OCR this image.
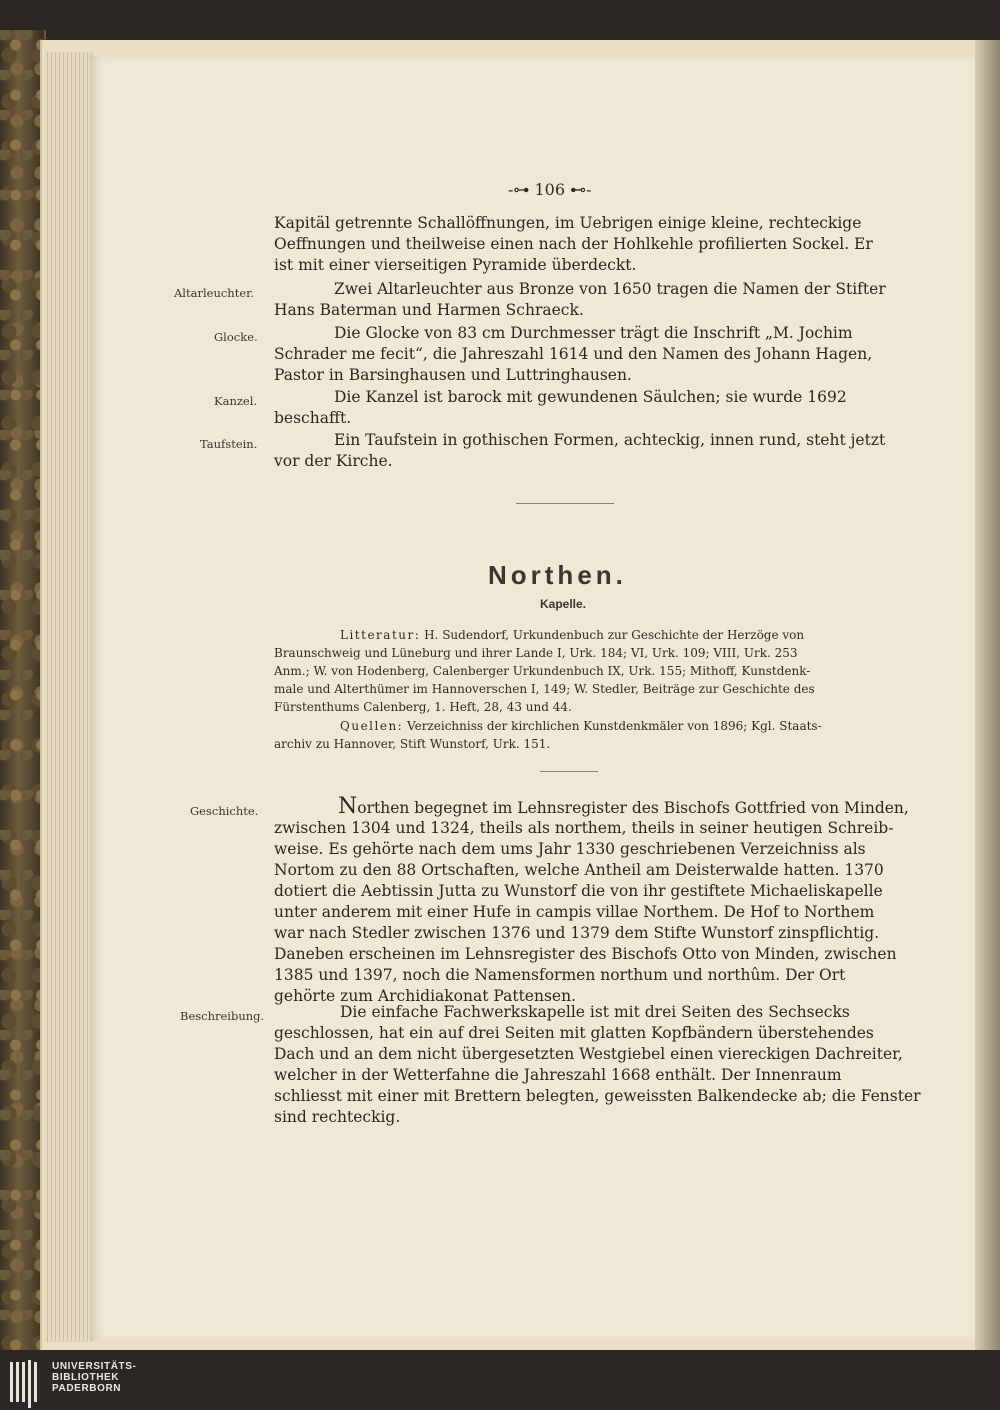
-⊶ 106 ⊷-
Kapitäl getrennte Schallöffnungen, im Uebrigen einige kleine, rechteckige
Oeffnungen und theilweise einen nach der Hohlkehle profilierten Sockel. Er
ist mit einer vierseitigen Pyramide überdeckt.
Altarleuchter.	Zwei Altarleuchter aus Bronze von 1650 tragen die Namen der Stifter
Hans Baterman und Harmen Schraeck.
Glocke.	Die Glocke von 83 cm Durchmesser trägt die Inschrift „M. Jochim
Schrader me fecit“, die Jahreszahl 1614 und den Namen des Johann Hagen,
Pastor in Barsinghausen und Luttringhausen.
Kanzel.	Die Kanzel ist barock mit gewundenen Säulchen; sie wurde 1692
beschafft.
Taufstein.	Ein Taufstein in gothischen Formen, achteckig, innen rund, steht jetzt
vor der Kirche.
Northen.
Kapelle.
Litteratur: H. Sudendorf, Urkundenbuch zur Geschichte der Herzöge von
Braunschweig und Lüneburg und ihrer Lande I, Urk. 184; VI, Urk. 109; VIII, Urk. 253
Anm.; W. von Hodenberg, Calenberger Urkundenbuch IX, Urk. 155; Mithoff, Kunstdenk-
male und Alterthümer im Hannoverschen I, 149; W. Stedler, Beiträge zur Geschichte des
Fürstenthums Calenberg, 1. Heft, 28, 43 und 44.
Quellen: Verzeichniss der kirchlichen Kunstdenkmäler von 1896; Kgl. Staats-
archiv zu Hannover, Stift Wunstorf, Urk. 151.
Geschichte.	Northen begegnet im Lehnsregister des Bischofs Gottfried von Minden,
zwischen 1304 und 1324, theils als northem, theils in seiner heutigen Schreib-
weise. Es gehörte nach dem ums Jahr 1330 geschriebenen Verzeichniss als
Nortom zu den 88 Ortschaften, welche Antheil am Deisterwalde hatten. 1370
dotiert die Aebtissin Jutta zu Wunstorf die von ihr gestiftete Michaeliskapelle
unter anderem mit einer Hufe in campis villae Northem. De Hof to Northem
war nach Stedler zwischen 1376 und 1379 dem Stifte Wunstorf zinspflichtig.
Daneben erscheinen im Lehnsregister des Bischofs Otto von Minden, zwischen
1385 und 1397, noch die Namensformen northum und northûm. Der Ort
gehörte zum Archidiakonat Pattensen.
Beschreibung.	Die einfache Fachwerkskapelle ist mit drei Seiten des Sechsecks
geschlossen, hat ein auf drei Seiten mit glatten Kopfbändern überstehendes
Dach und an dem nicht übergesetzten Westgiebel einen viereckigen Dachreiter,
welcher in der Wetterfahne die Jahreszahl 1668 enthält. Der Innenraum
schliesst mit einer mit Brettern belegten, geweissten Balkendecke ab; die Fenster
sind rechteckig.
UNIVERSITÄTS-
BIBLIOTHEK
PADERBORN
